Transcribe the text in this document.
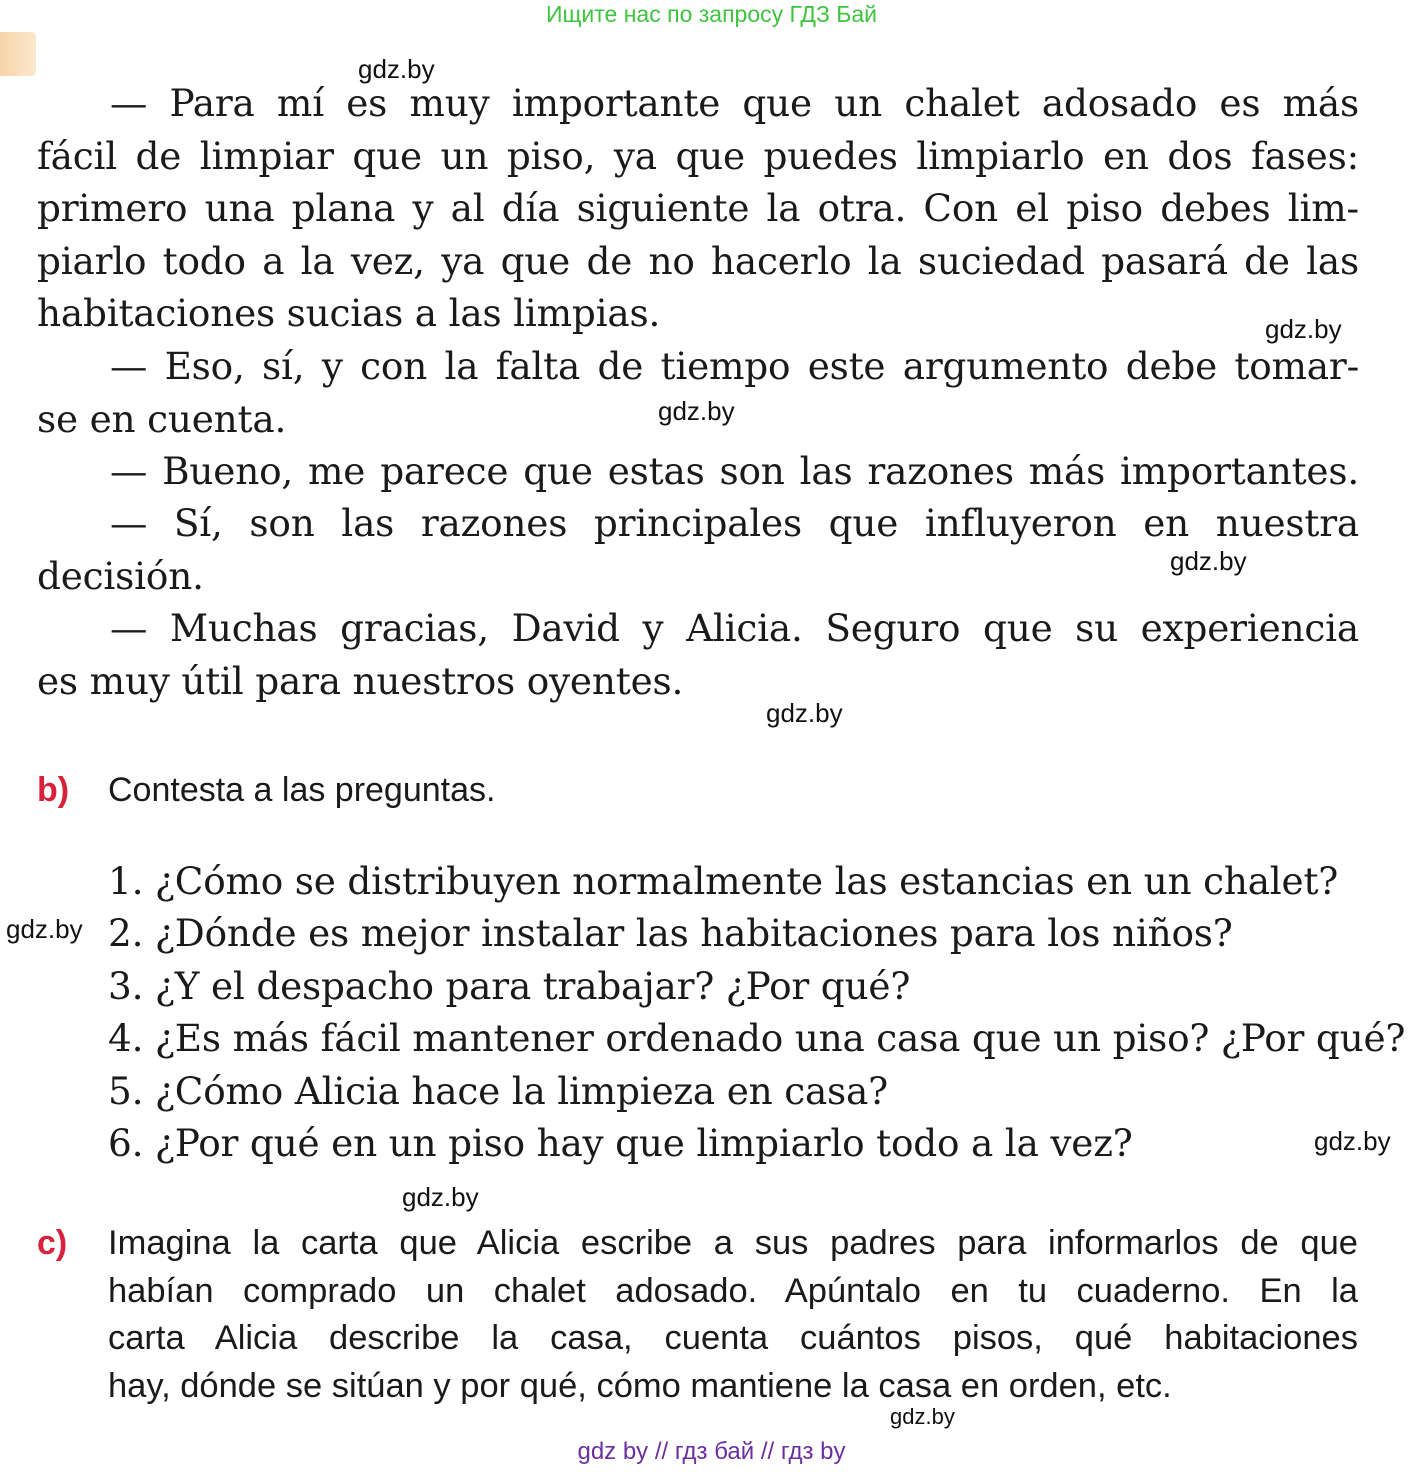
Ищите нас по запросу ГДЗ Бай
gdz.by
gdz.by
gdz.by
gdz.by
gdz.by
gdz.by
gdz.by
gdz.by
gdz.by
— Para mí es muy importante que un chalet adosado es más
fácil de limpiar que un piso, ya que puedes limpiarlo en dos fases:
primero una plana y al día siguiente la otra. Con el piso debes lim-
piarlo todo a la vez, ya que de no hacerlo la suciedad pasará de las
habitaciones sucias a las limpias.
— Eso, sí, y con la falta de tiempo este argumento debe tomar-
se en cuenta.
— Bueno, me parece que estas son las razones más importantes.
— Sí, son las razones principales que influyeron en nuestra
decisión.
— Muchas gracias, David y Alicia. Seguro que su experiencia
es muy útil para nuestros oyentes.
b) Contesta a las preguntas.
1. ¿Cómo se distribuyen normalmente las estancias en un chalet?
2. ¿Dónde es mejor instalar las habitaciones para los niños?
3. ¿Y el despacho para trabajar? ¿Por qué?
4. ¿Es más fácil mantener ordenado una casa que un piso? ¿Por qué?
5. ¿Cómo Alicia hace la limpieza en casa?
6. ¿Por qué en un piso hay que limpiarlo todo a la vez?
c) Imagina la carta que Alicia escribe a sus padres para informarlos de que
habían comprado un chalet adosado. Apúntalo en tu cuaderno. En la
carta Alicia describe la casa, cuenta cuántos pisos, qué habitaciones
hay, dónde se sitúan y por qué, cómo mantiene la casa en orden, etc.
gdz by // гдз бай // гдз by
